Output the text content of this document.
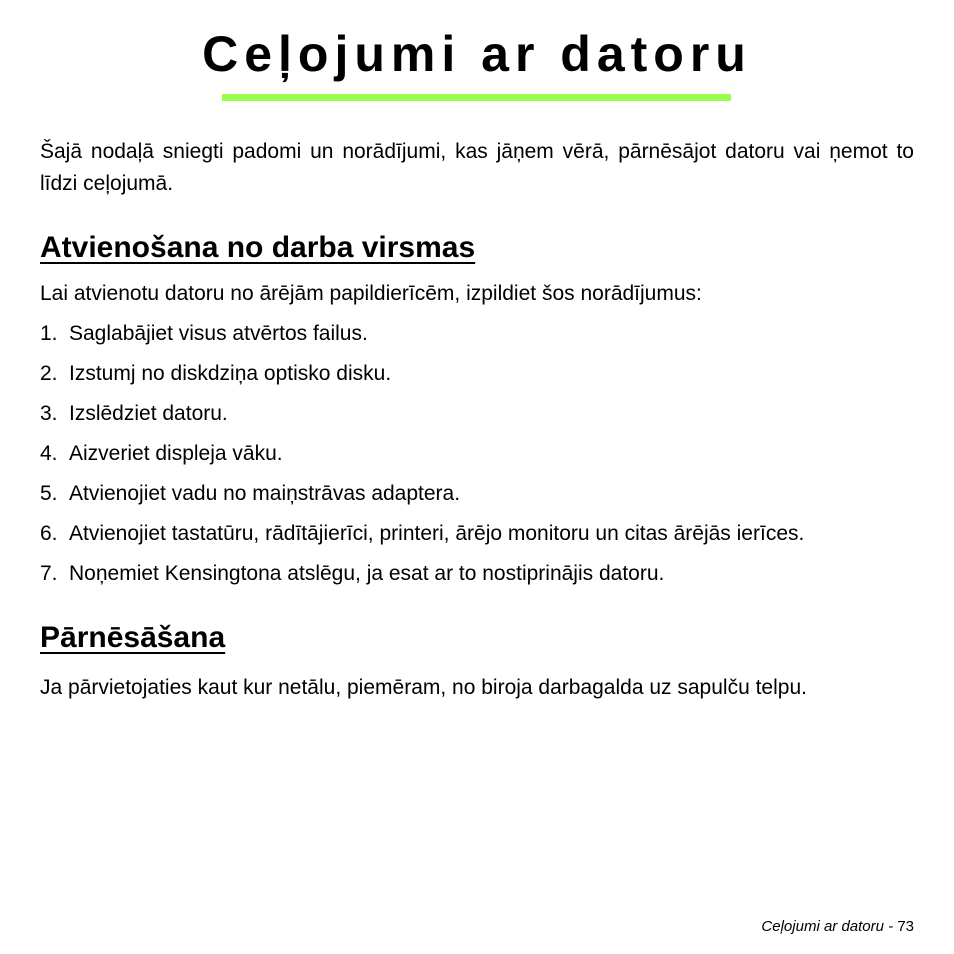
Ceļojumi ar datoru

Šajā nodaļā sniegti padomi un norādījumi, kas jāņem vērā, pārnēsājot datoru vai ņemot to līdzi ceļojumā.

Atvienošana no darba virsmas

Lai atvienotu datoru no ārējām papildierīcēm, izpildiet šos norādījumus:

1. Saglabājiet visus atvērtos failus.
2. Izstumj no diskdziņa optisko disku.
3. Izslēdziet datoru.
4. Aizveriet displeja vāku.
5. Atvienojiet vadu no maiņstrāvas adaptera.
6. Atvienojiet tastatūru, rādītājierīci, printeri, ārējo monitoru un citas ārējās ierīces.
7. Noņemiet Kensingtona atslēgu, ja esat ar to nostiprinājis datoru.
Pārnēsāšana

Ja pārvietojaties kaut kur netālu, piemēram, no biroja darbagalda uz sapulču telpu.

Ceļojumi ar datoru - 73
